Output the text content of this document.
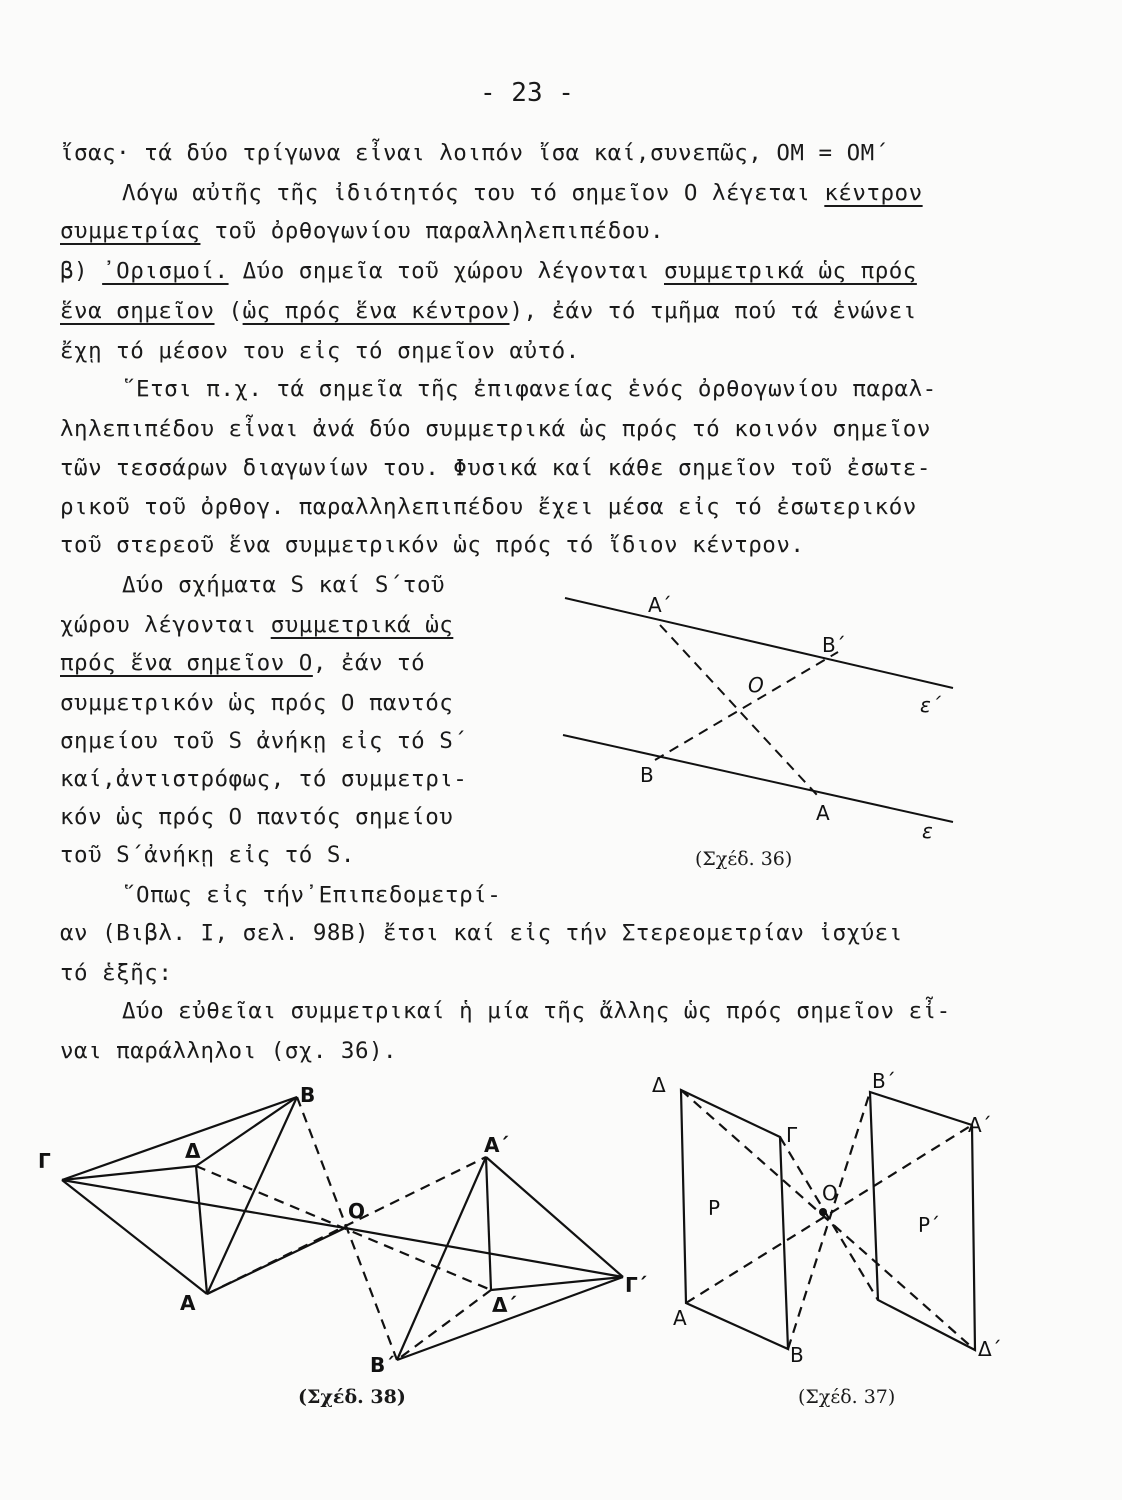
- 23 -
ἴσας· τά δύο τρίγωνα εἶναι λοιπόν ἴσα καί,συνεπῶς, ΟΜ = ΟΜ΄
Λόγω αὐτῆς τῆς ἰδιότητός του τό σημεῖον Ο λέγεται κέντρον
συμμετρίας τοῦ ὀρθογωνίου παραλληλεπιπέδου.
β) ᾿Ορισμοί. Δύο σημεῖα τοῦ χώρου λέγονται συμμετρικά ὡς πρός
ἕνα σημεῖον (ὡς πρός ἕνα κέντρον), ἐάν τό τμῆμα πού τά ἑνώνει
ἔχῃ τό μέσον του εἰς τό σημεῖον αὐτό.
῞Ετσι π.χ. τά σημεῖα τῆς ἐπιφανείας ἑνός ὀρθογωνίου παραλ-
ληλεπιπέδου εἶναι ἀνά δύο συμμετρικά ὡς πρός τό κοινόν σημεῖον
τῶν τεσσάρων διαγωνίων του. Φυσικά καί κάθε σημεῖον τοῦ ἐσωτε-
ρικοῦ τοῦ ὀρθογ. παραλληλεπιπέδου ἔχει μέσα εἰς τό ἐσωτερικόν
τοῦ στερεοῦ ἕνα συμμετρικόν ὡς πρός τό ἴδιον κέντρον.
Δύο σχήματα S καί S΄τοῦ
χώρου λέγονται συμμετρικά ὡς
πρός ἕνα σημεῖον Ο, ἐάν τό
συμμετρικόν ὡς πρός Ο παντός
σημείου τοῦ S ἀνήκῃ εἰς τό S΄
καί,ἀντιστρόφως, τό συμμετρι-
κόν ὡς πρός Ο παντός σημείου
τοῦ S΄ἀνήκῃ εἰς τό S.
῞Οπως εἰς τήν᾿Επιπεδομετρί-
αν (Βιβλ. Ι, σελ. 98Β) ἔτσι καί εἰς τήν Στερεομετρίαν ἰσχύει
τό ἑξῆς:
Δύο εὐθεῖαι συμμετρικαί ἡ μία τῆς ἄλλης ὡς πρός σημεῖον εἶ-
ναι παράλληλοι (σχ. 36).
Α΄
Β΄
Ο
ε΄
Β
Α
ε
Β
Γ	Δ
Α
Ο
Α΄
Δ΄
Γ΄
Β΄
Δ	Β΄
Α΄
Γ
Ο
Ρ
Ρ΄
Α
Β	Δ΄
(Σχέδ. 36)
(Σχέδ. 38)	(Σχέδ. 37)
